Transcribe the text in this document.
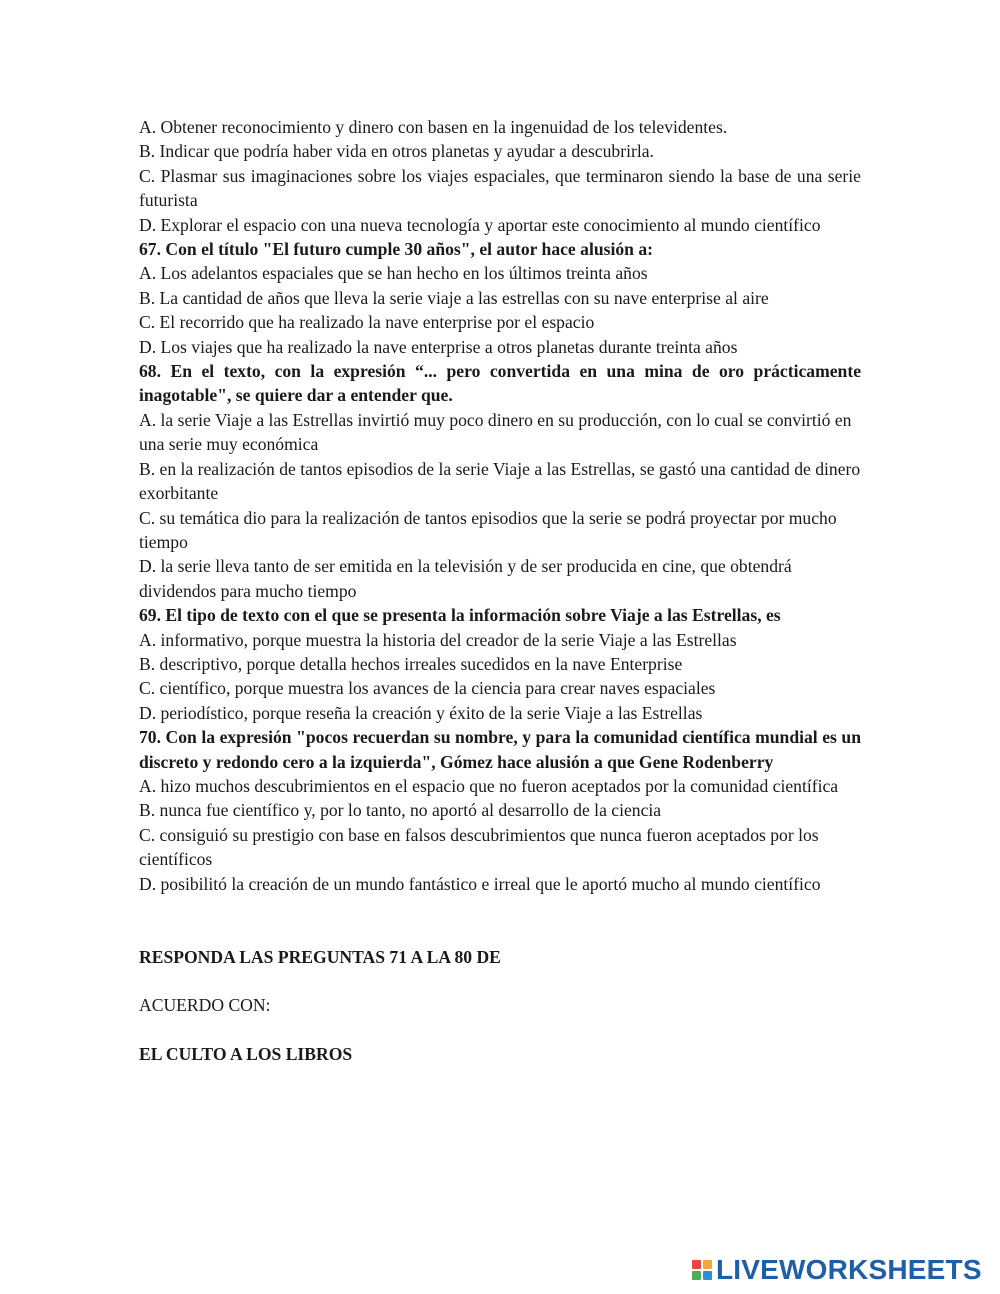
A. Obtener reconocimiento y dinero con basen en la ingenuidad de los televidentes.

B. Indicar que podría haber vida en otros planetas y ayudar a descubrirla.

C. Plasmar sus imaginaciones sobre los viajes espaciales, que terminaron siendo la base de una serie futurista

D. Explorar el espacio con una nueva tecnología y aportar este conocimiento al mundo científico

67. Con el título "El futuro cumple 30 años", el autor hace alusión a:

A. Los adelantos espaciales que se han hecho en los últimos treinta años

B. La cantidad de años que lleva la serie viaje a las estrellas con su nave enterprise al aire

C. El recorrido que ha realizado la nave enterprise por el espacio

D. Los viajes que ha realizado la nave enterprise a otros planetas durante treinta años

68. En el texto, con la expresión “... pero convertida en una mina de oro prácticamente inagotable", se quiere dar a entender que.

A. la serie Viaje a las Estrellas invirtió muy poco dinero en su producción, con lo cual se convirtió en una serie muy económica

B. en la realización de tantos episodios de la serie Viaje a las Estrellas, se gastó una cantidad de dinero exorbitante

C. su temática dio para la realización de tantos episodios que la serie se podrá proyectar por mucho tiempo

D. la serie lleva tanto de ser emitida en la televisión y de ser producida en cine, que obtendrá dividendos para mucho tiempo

69. El tipo de texto con el que se presenta la información sobre Viaje a las Estrellas, es

A. informativo, porque muestra la historia del creador de la serie Viaje a las Estrellas

B. descriptivo, porque detalla hechos irreales sucedidos en la nave Enterprise

C. científico, porque muestra los avances de la ciencia para crear naves espaciales

D. periodístico, porque reseña la creación y éxito de la serie Viaje a las Estrellas

70. Con la expresión "pocos recuerdan su nombre, y para la comunidad científica mundial es un discreto y redondo cero a la izquierda", Gómez hace alusión a que Gene Rodenberry

A. hizo muchos descubrimientos en el espacio que no fueron aceptados por la comunidad científica

B. nunca fue científico y, por lo tanto, no aportó al desarrollo de la ciencia

C. consiguió su prestigio con base en falsos descubrimientos que nunca fueron aceptados por los científicos

D. posibilitó la creación de un mundo fantástico e irreal que le aportó mucho al mundo científico

RESPONDA LAS PREGUNTAS 71 A LA 80 DE

ACUERDO CON:

EL CULTO A LOS LIBROS

LIVEWORKSHEETS
